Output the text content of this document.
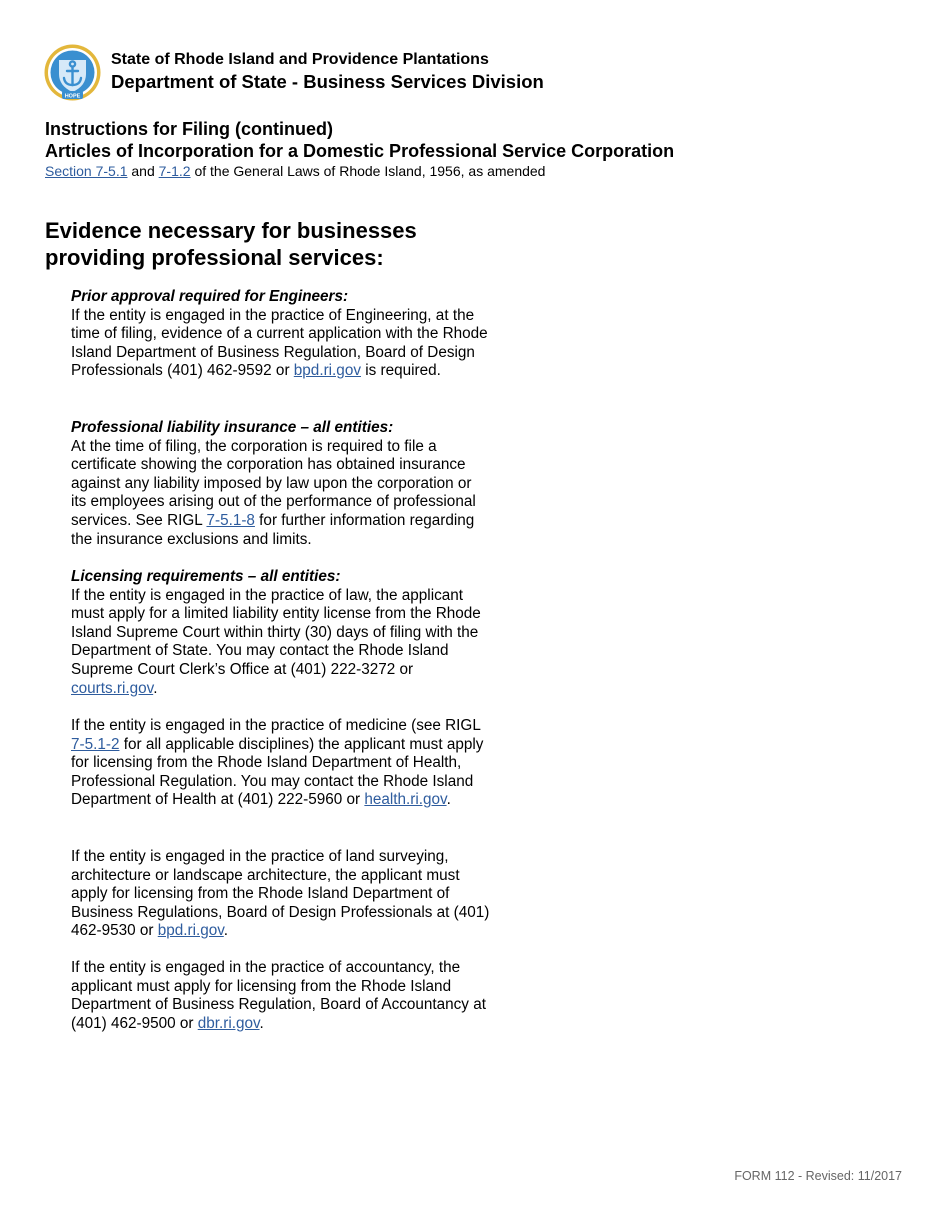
HOPE
State of Rhode Island and Providence Plantations
Department of State - Business Services Division
Instructions for Filing (continued)
Articles of Incorporation for a Domestic Professional Service Corporation
Section 7-5.1 and 7-1.2 of the General Laws of Rhode Island, 1956, as amended
Evidence necessary for businesses providing professional services:
Prior approval required for Engineers:
If the entity is engaged in the practice of Engineering, at the time of filing, evidence of a current application with the Rhode Island Department of Business Regulation, Board of Design Professionals (401) 462-9592 or bpd.ri.gov is required.
Professional liability insurance – all entities:
At the time of filing, the corporation is required to file a certificate showing the corporation has obtained insurance against any liability imposed by law upon the corporation or its employees arising out of the performance of professional services. See RIGL 7-5.1-8 for further information regarding the insurance exclusions and limits.
Licensing requirements – all entities:
If the entity is engaged in the practice of law, the applicant must apply for a limited liability entity license from the Rhode Island Supreme Court within thirty (30) days of filing with the Department of State. You may contact the Rhode Island Supreme Court Clerk’s Office at (401) 222-3272 or courts.ri.gov.
If the entity is engaged in the practice of medicine (see RIGL 7-5.1-2 for all applicable disciplines) the applicant must apply for licensing from the Rhode Island Department of Health, Professional Regulation. You may contact the Rhode Island Department of Health at (401) 222-5960 or health.ri.gov.
If the entity is engaged in the practice of land surveying, architecture or landscape architecture, the applicant must apply for licensing from the Rhode Island Department of Business Regulations, Board of Design Professionals at (401) 462-9530 or bpd.ri.gov.
If the entity is engaged in the practice of accountancy, the applicant must apply for licensing from the Rhode Island Department of Business Regulation, Board of Accountancy at (401) 462-9500 or dbr.ri.gov.
FORM 112 - Revised: 11/2017
